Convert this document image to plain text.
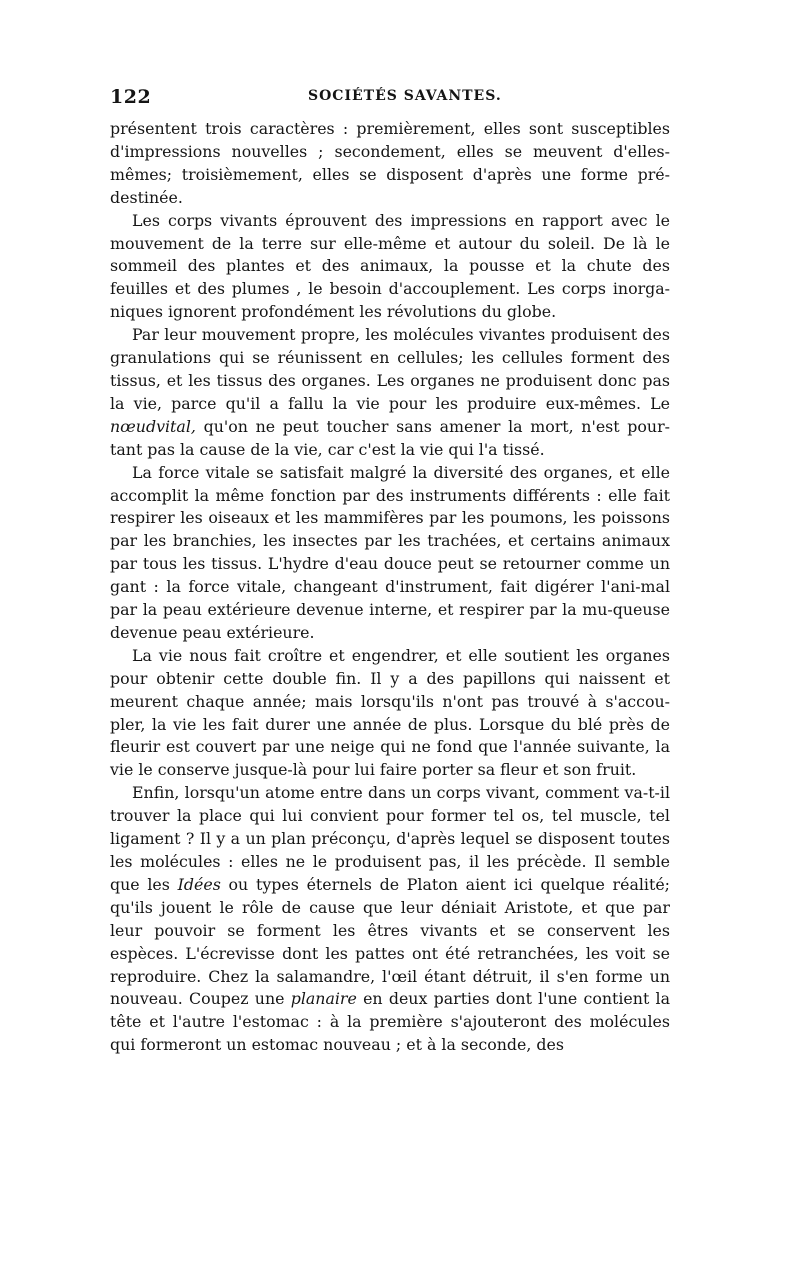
122	SOCIÉTÉS SAVANTES.

présentent trois caractères : premièrement, elles sont susceptibles d'impressions nouvelles ; secondement, elles se meuvent d'elles-mêmes; troisièmement, elles se disposent d'après une forme pré-destinée.

Les corps vivants éprouvent des impressions en rapport avec le mouvement de la terre sur elle-même et autour du soleil. De là le sommeil des plantes et des animaux, la pousse et la chute des feuilles et des plumes , le besoin d'accouplement. Les corps inorga-niques ignorent profondément les révolutions du globe.

Par leur mouvement propre, les molécules vivantes produisent des granulations qui se réunissent en cellules; les cellules forment des tissus, et les tissus des organes. Les organes ne produisent donc pas la vie, parce qu'il a fallu la vie pour les produire eux-mêmes. Le nœudvital, qu'on ne peut toucher sans amener la mort, n'est pour-tant pas la cause de la vie, car c'est la vie qui l'a tissé.

La force vitale se satisfait malgré la diversité des organes, et elle accomplit la même fonction par des instruments différents : elle fait respirer les oiseaux et les mammifères par les poumons, les poissons par les branchies, les insectes par les trachées, et certains animaux par tous les tissus. L'hydre d'eau douce peut se retourner comme un gant : la force vitale, changeant d'instrument, fait digérer l'ani-mal par la peau extérieure devenue interne, et respirer par la mu-queuse devenue peau extérieure.

La vie nous fait croître et engendrer, et elle soutient les organes pour obtenir cette double fin. Il y a des papillons qui naissent et meurent chaque année; mais lorsqu'ils n'ont pas trouvé à s'accou-pler, la vie les fait durer une année de plus. Lorsque du blé près de fleurir est couvert par une neige qui ne fond que l'année suivante, la vie le conserve jusque-là pour lui faire porter sa fleur et son fruit.

Enfin, lorsqu'un atome entre dans un corps vivant, comment va-t-il trouver la place qui lui convient pour former tel os, tel muscle, tel ligament ? Il y a un plan préconçu, d'après lequel se disposent toutes les molécules : elles ne le produisent pas, il les précède. Il semble que les Idées ou types éternels de Platon aient ici quelque réalité; qu'ils jouent le rôle de cause que leur déniait Aristote, et que par leur pouvoir se forment les êtres vivants et se conservent les espèces. L'écrevisse dont les pattes ont été retranchées, les voit se reproduire. Chez la salamandre, l'œil étant détruit, il s'en forme un nouveau. Coupez une planaire en deux parties dont l'une contient la tête et l'autre l'estomac : à la première s'ajouteront des molécules qui formeront un estomac nouveau ; et à la seconde, des
